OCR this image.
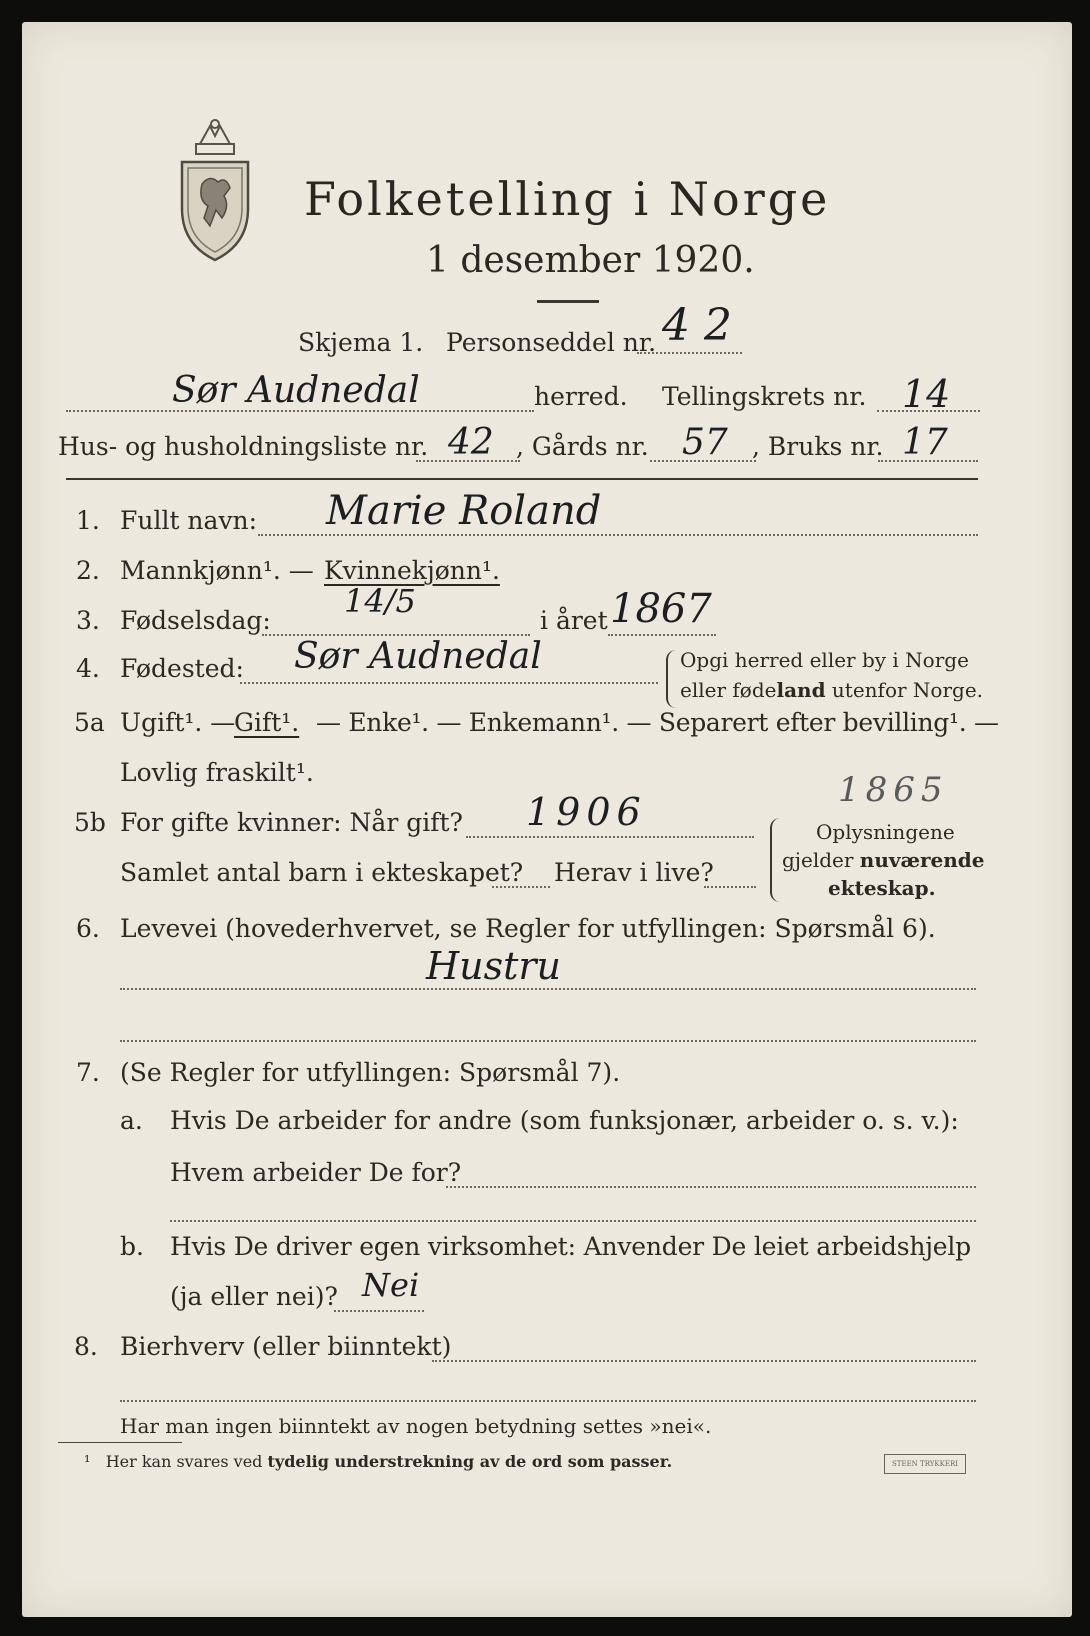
Folketelling i Norge
1 desember 1920.
Skjema 1. Personseddel nr. 42
Sør Audnedal	herred. Tellingskrets nr. 14
Hus- og husholdningsliste nr. 42 , Gårds nr. 57 , Bruks nr. 17
1. Fullt navn: Marie Roland
2. Mannkjønn¹. — Kvinnekjønn¹.
3. Fødselsdag:
14/5
i året 1867
4. Fødested: Sør Audnedal	Opgi herred eller by i Norge
eller fødeland utenfor Norge.
5a Ugift¹. —
Gift¹. — Enke¹. — Enkemann¹. — Separert efter bevilling¹. —
Lovlig fraskilt¹.	1865
5b For gifte kvinner: Når gift? 1906
Samlet antal barn i ekteskapet? Herav i live?
Oplysningene
gjelder nuværende
ekteskap.
6. Levevei (hovederhvervet, se Regler for utfyllingen: Spørsmål 6).
Hustru
7. (Se Regler for utfyllingen: Spørsmål 7).
a. Hvis De arbeider for andre (som funksjonær, arbeider o. s. v.):
Hvem arbeider De for?
b. Hvis De driver egen virksomhet: Anvender De leiet arbeidshjelp
(ja eller nei)? Nei
8. Bierhverv (eller biinntekt)
Har man ingen biinntekt av nogen betydning settes »nei«.
¹ Her kan svares ved tydelig understrekning av de ord som passer.	STEEN TRYKKERI
